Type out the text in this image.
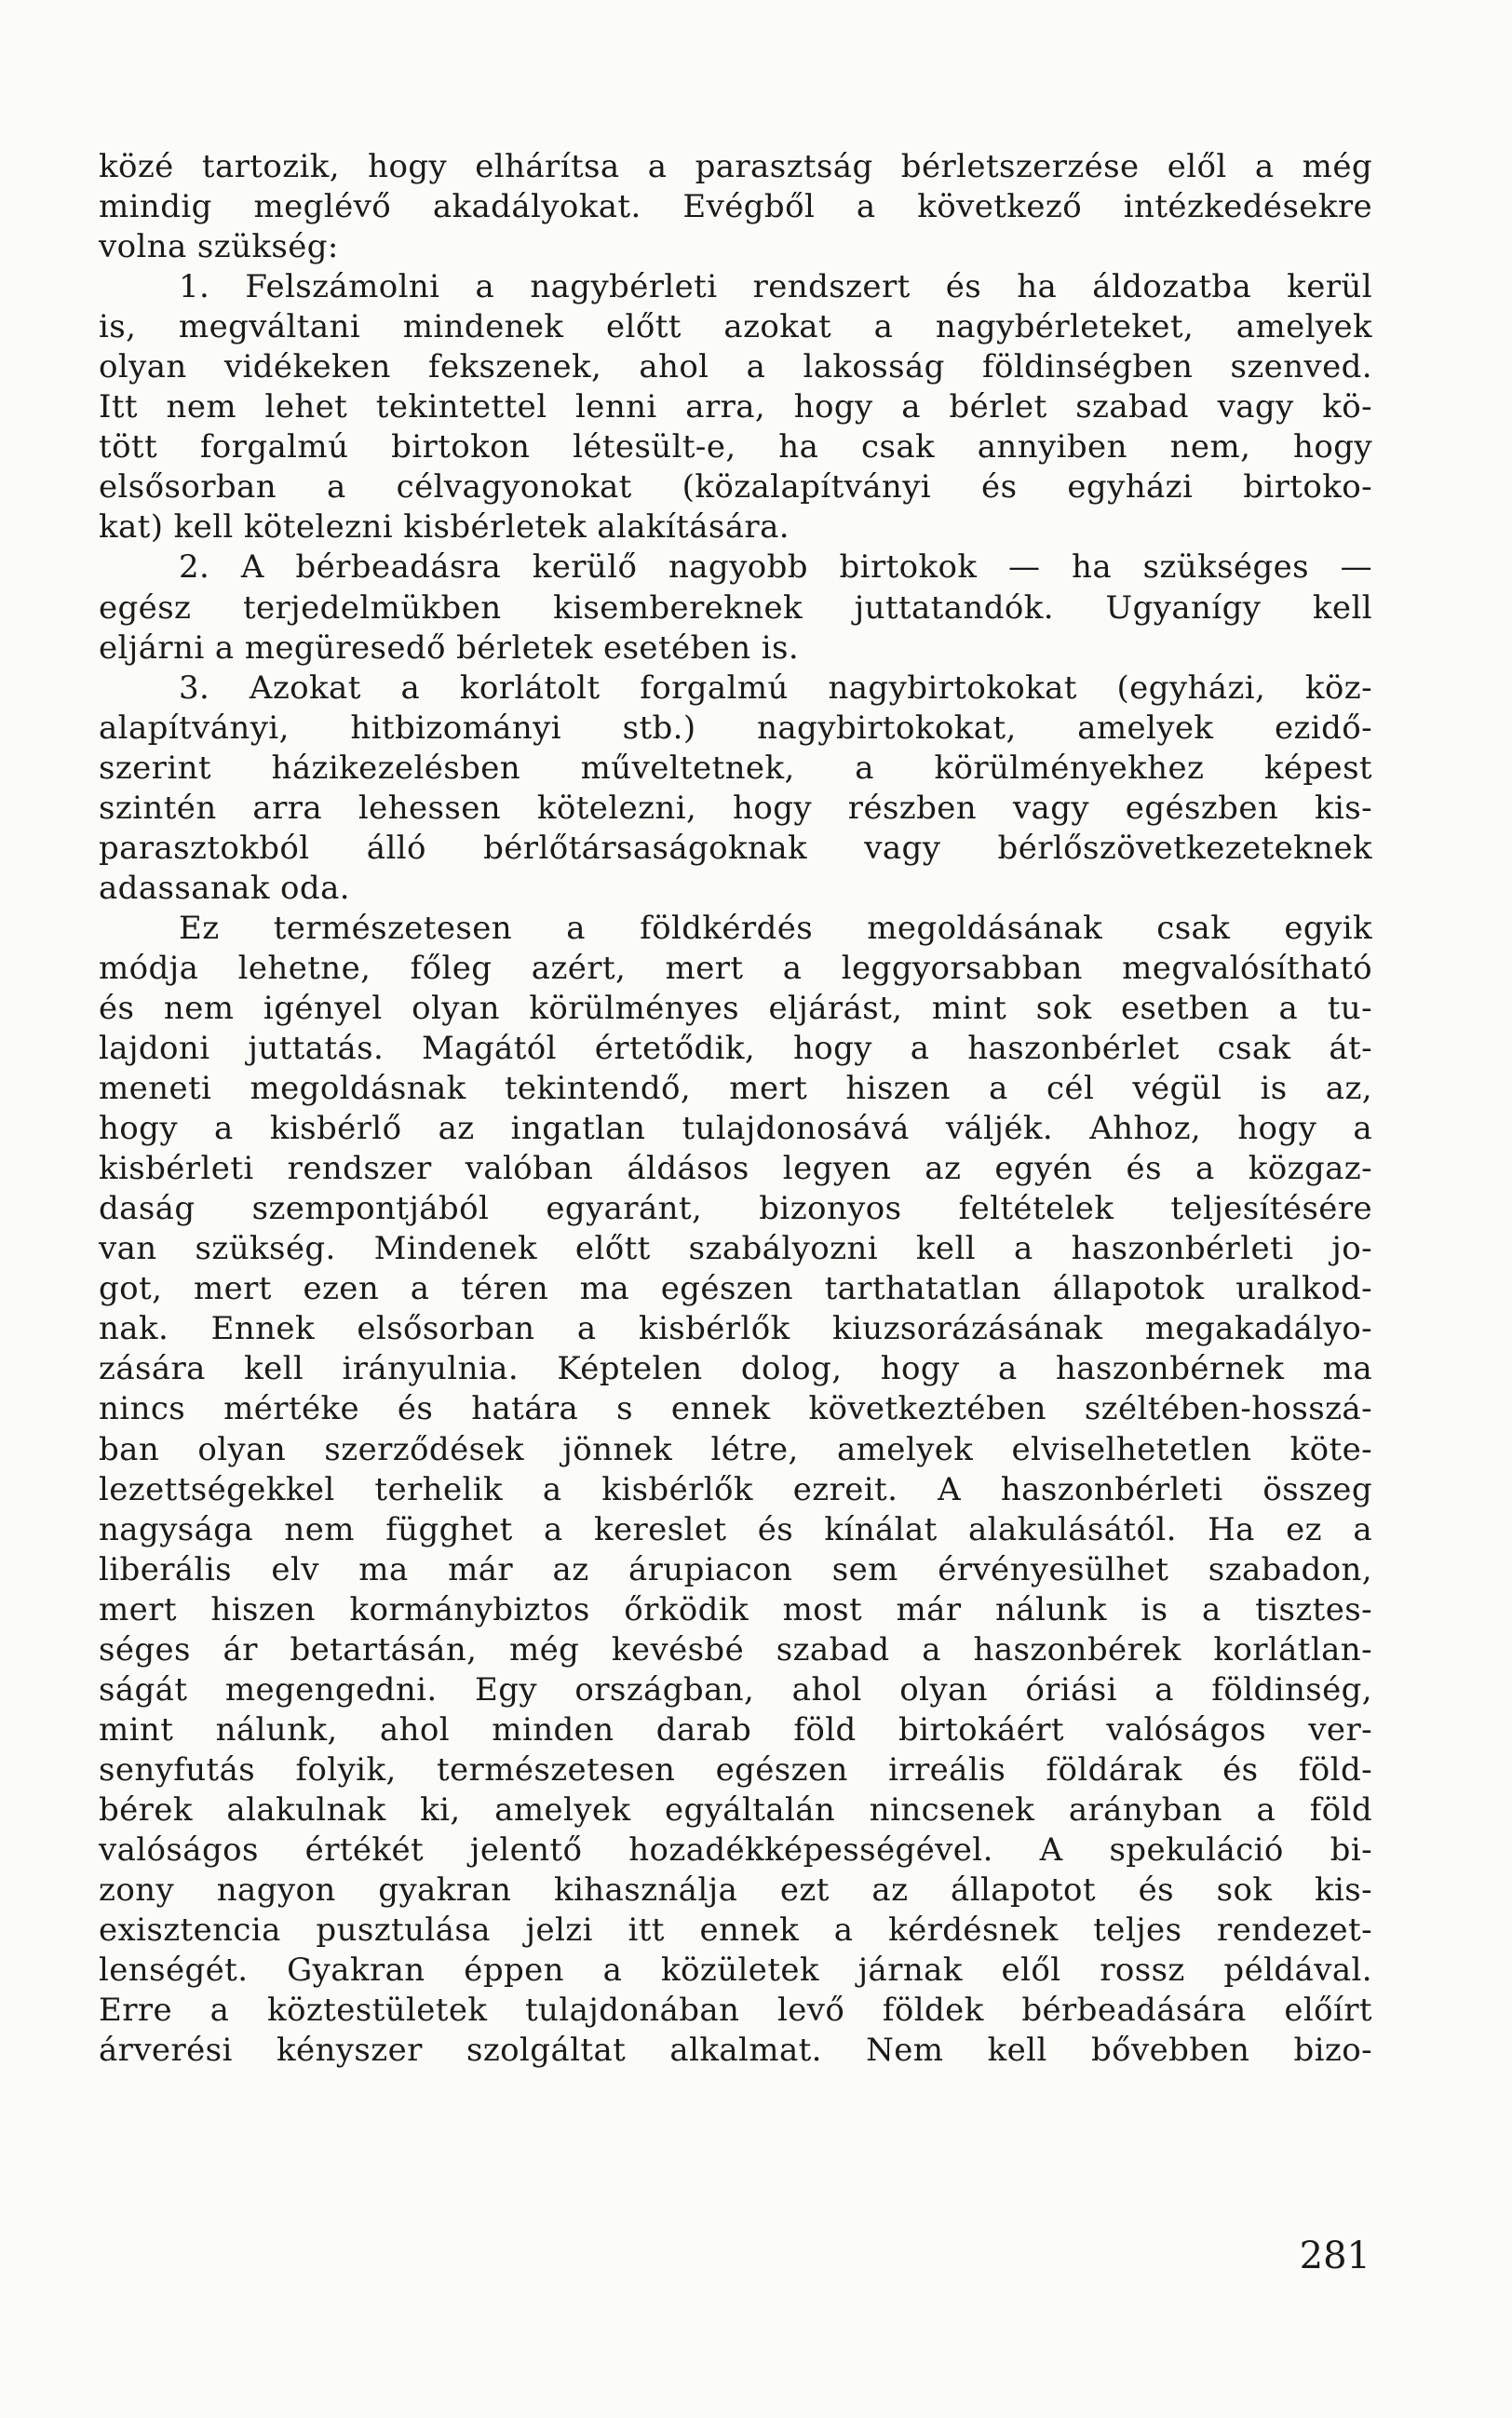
közé tartozik, hogy elhárítsa a parasztság bérletszerzése elől a még
mindig meglévő akadályokat. Evégből a következő intézkedésekre
volna szükség:
1. Felszámolni a nagybérleti rendszert és ha áldozatba kerül
is, megváltani mindenek előtt azokat a nagybérleteket, amelyek
olyan vidékeken fekszenek, ahol a lakosság földinségben szenved.
Itt nem lehet tekintettel lenni arra, hogy a bérlet szabad vagy kö-
tött forgalmú birtokon létesült-e, ha csak annyiben nem, hogy
elsősorban a célvagyonokat (közalapítványi és egyházi birtoko-
kat) kell kötelezni kisbérletek alakítására.
2. A bérbeadásra kerülő nagyobb birtokok — ha szükséges —
egész terjedelmükben kisembereknek juttatandók. Ugyanígy kell
eljárni a megüresedő bérletek esetében is.
3. Azokat a korlátolt forgalmú nagybirtokokat (egyházi, köz-
alapítványi, hitbizományi stb.) nagybirtokokat, amelyek ezidő-
szerint házikezelésben műveltetnek, a körülményekhez képest
szintén arra lehessen kötelezni, hogy részben vagy egészben kis-
parasztokból álló bérlőtársaságoknak vagy bérlőszövetkezeteknek
adassanak oda.
Ez természetesen a földkérdés megoldásának csak egyik
módja lehetne, főleg azért, mert a leggyorsabban megvalósítható
és nem igényel olyan körülményes eljárást, mint sok esetben a tu-
lajdoni juttatás. Magától értetődik, hogy a haszonbérlet csak át-
meneti megoldásnak tekintendő, mert hiszen a cél végül is az,
hogy a kisbérlő az ingatlan tulajdonosává váljék. Ahhoz, hogy a
kisbérleti rendszer valóban áldásos legyen az egyén és a közgaz-
daság szempontjából egyaránt, bizonyos feltételek teljesítésére
van szükség. Mindenek előtt szabályozni kell a haszonbérleti jo-
got, mert ezen a téren ma egészen tarthatatlan állapotok uralkod-
nak. Ennek elsősorban a kisbérlők kiuzsorázásának megakadályo-
zására kell irányulnia. Képtelen dolog, hogy a haszonbérnek ma
nincs mértéke és határa s ennek következtében széltében-hosszá-
ban olyan szerződések jönnek létre, amelyek elviselhetetlen köte-
lezettségekkel terhelik a kisbérlők ezreit. A haszonbérleti összeg
nagysága nem függhet a kereslet és kínálat alakulásától. Ha ez a
liberális elv ma már az árupiacon sem érvényesülhet szabadon,
mert hiszen kormánybiztos őrködik most már nálunk is a tisztes-
séges ár betartásán, még kevésbé szabad a haszonbérek korlátlan-
ságát megengedni. Egy országban, ahol olyan óriási a földinség,
mint nálunk, ahol minden darab föld birtokáért valóságos ver-
senyfutás folyik, természetesen egészen irreális földárak és föld-
bérek alakulnak ki, amelyek egyáltalán nincsenek arányban a föld
valóságos értékét jelentő hozadékképességével. A spekuláció bi-
zony nagyon gyakran kihasználja ezt az állapotot és sok kis-
exisztencia pusztulása jelzi itt ennek a kérdésnek teljes rendezet-
lenségét. Gyakran éppen a közületek járnak elől rossz példával.
Erre a köztestületek tulajdonában levő földek bérbeadására előírt
árverési kényszer szolgáltat alkalmat. Nem kell bővebben bizo-
281
